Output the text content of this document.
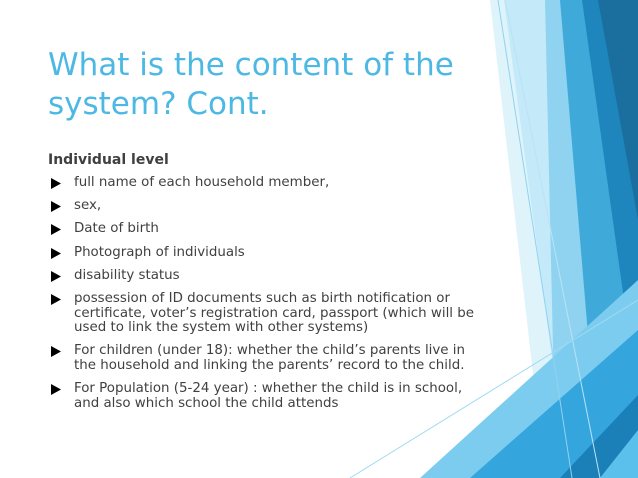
What is the content of the system? Cont.
Individual level
full name of each household member,
sex,
Date of birth
Photograph of individuals
disability status
possession of ID documents such as birth notification or certificate, voter’s registration card, passport (which will be used to link the system with other systems)
For children (under 18): whether the child’s parents live in the household and linking the parents’ record to the child.
For Population (5-24 year) : whether the child is in school, and also which school the child attends
